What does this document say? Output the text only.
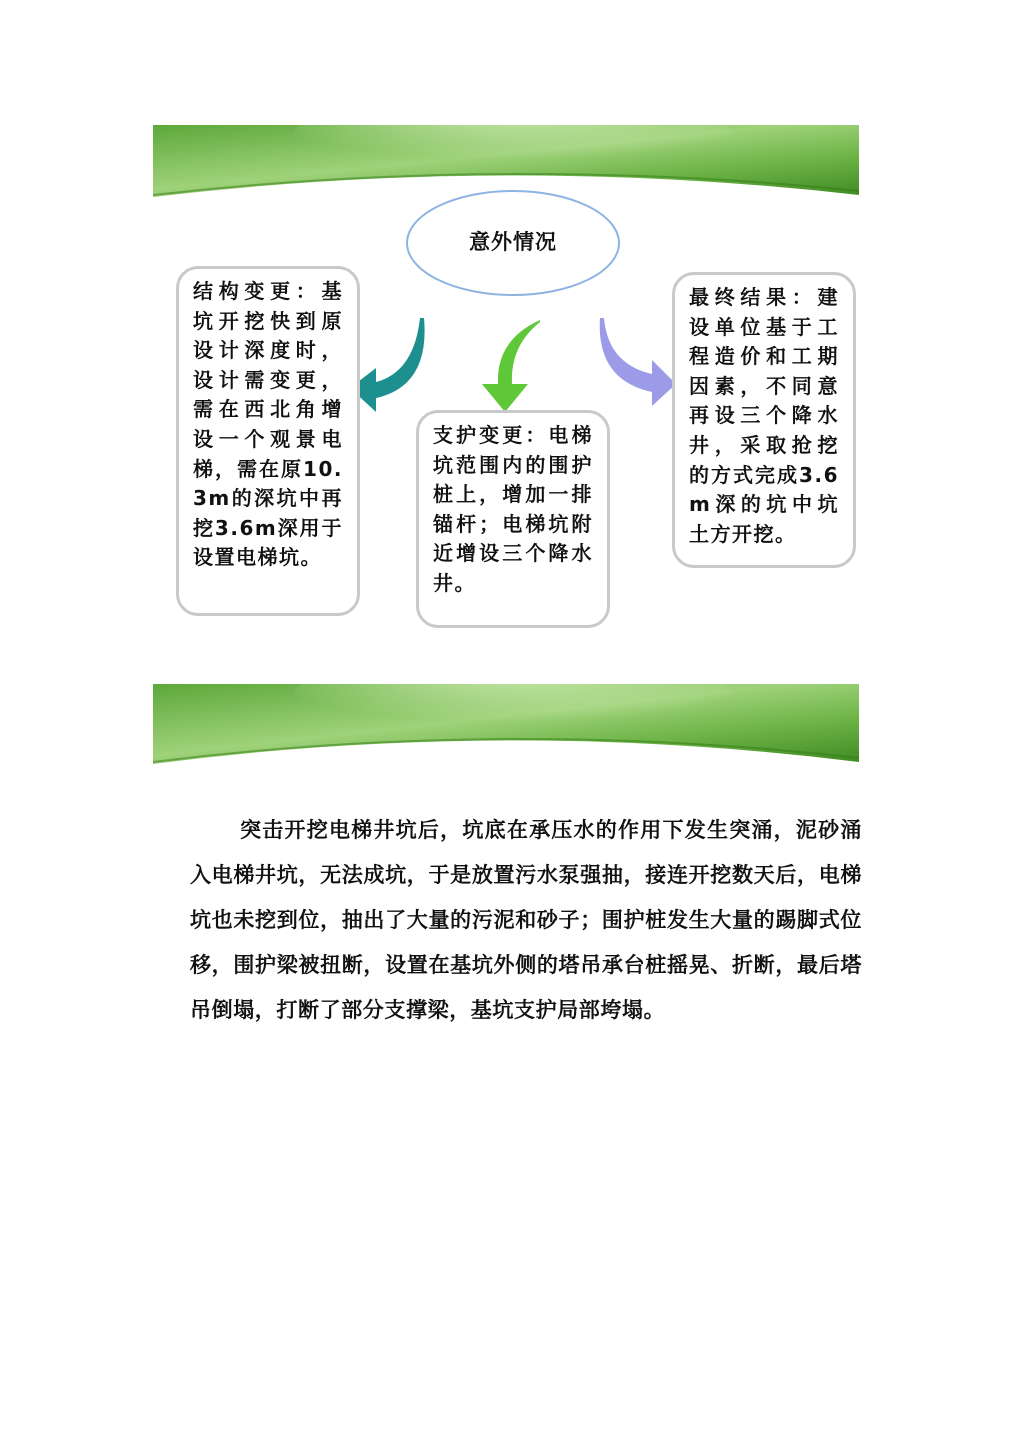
意外情况
结构变更：基坑开挖快到原设计深度时，设计需变更，需在西北角增设一个观景电梯，需在原10.3m的深坑中再挖3.6m深用于设置电梯坑。
支护变更：电梯坑范围内的围护桩上，增加一排锚杆；电梯坑附近增设三个降水井。
最终结果：建设单位基于工程造价和工期因素，不同意再设三个降水井，采取抢挖的方式完成3.6m深的坑中坑土方开挖。
突击开挖电梯井坑后，坑底在承压水的作用下发生突涌，泥砂涌入电梯井坑，无法成坑，于是放置污水泵强抽，接连开挖数天后，电梯坑也未挖到位，抽出了大量的污泥和砂子；围护桩发生大量的踢脚式位移，围护梁被扭断，设置在基坑外侧的塔吊承台桩摇晃、折断，最后塔吊倒塌，打断了部分支撑梁，基坑支护局部垮塌。
